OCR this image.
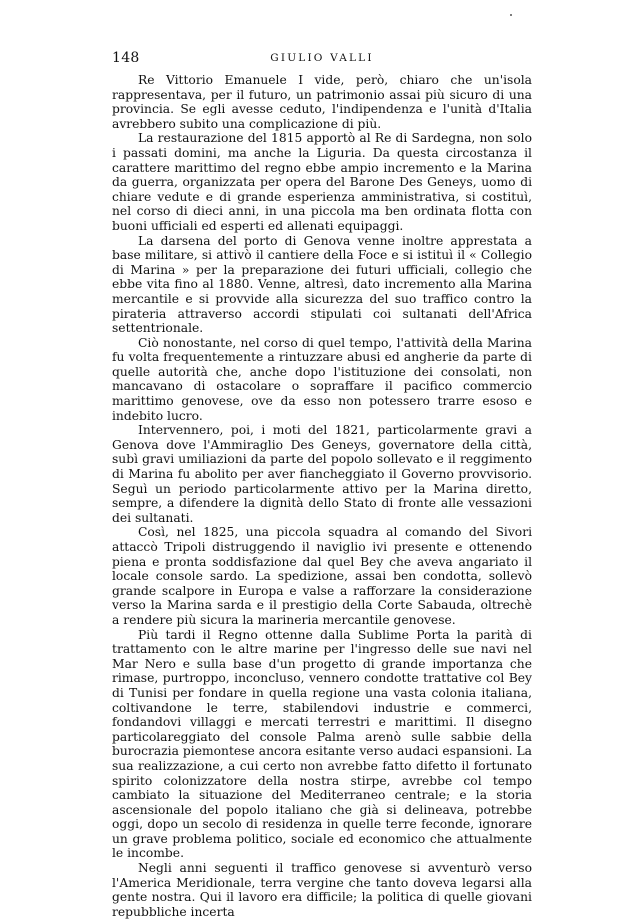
148	GIULIO VALLI

Re Vittorio Emanuele I vide, però, chiaro che un'isola rappresentava, per il futuro, un patrimonio assai più sicuro di una provincia. Se egli avesse ceduto, l'indipendenza e l'unità d'Italia avrebbero subito una complicazione di più.

La restaurazione del 1815 apportò al Re di Sardegna, non solo i passati domini, ma anche la Liguria. Da questa circostanza il carattere marittimo del regno ebbe ampio incremento e la Marina da guerra, organizzata per opera del Barone Des Geneys, uomo di chiare vedute e di grande esperienza amministrativa, si costituì, nel corso di dieci anni, in una piccola ma ben ordinata flotta con buoni ufficiali ed esperti ed allenati equipaggi.

La darsena del porto di Genova venne inoltre apprestata a base militare, si attivò il cantiere della Foce e si istituì il « Collegio di Marina » per la preparazione dei futuri ufficiali, collegio che ebbe vita fino al 1880. Venne, altresì, dato incremento alla Marina mercantile e si provvide alla sicurezza del suo traffico contro la pirateria attraverso accordi stipulati coi sultanati dell'Africa settentrionale.

Ciò nonostante, nel corso di quel tempo, l'attività della Marina fu volta frequentemente a rintuzzare abusi ed angherie da parte di quelle autorità che, anche dopo l'istituzione dei consolati, non mancavano di ostacolare o sopraffare il pacifico commercio marittimo genovese, ove da esso non potessero trarre esoso e indebito lucro.

Intervennero, poi, i moti del 1821, particolarmente gravi a Genova dove l'Ammiraglio Des Geneys, governatore della città, subì gravi umiliazioni da parte del popolo sollevato e il reggimento di Marina fu abolito per aver fiancheggiato il Governo provvisorio. Seguì un periodo particolarmente attivo per la Marina diretto, sempre, a difendere la dignità dello Stato di fronte alle vessazioni dei sultanati.

Così, nel 1825, una piccola squadra al comando del Sivori attaccò Tripoli distruggendo il naviglio ivi presente e ottenendo piena e pronta soddisfazione dal quel Bey che aveva angariato il locale console sardo. La spedizione, assai ben condotta, sollevò grande scalpore in Europa e valse a rafforzare la considerazione verso la Marina sarda e il prestigio della Corte Sabauda, oltrechè a rendere più sicura la marineria mercantile genovese.

Più tardi il Regno ottenne dalla Sublime Porta la parità di trattamento con le altre marine per l'ingresso delle sue navi nel Mar Nero e sulla base d'un progetto di grande importanza che rimase, purtroppo, inconcluso, vennero condotte trattative col Bey di Tunisi per fondare in quella regione una vasta colonia italiana, coltivandone le terre, stabilendovi industrie e commerci, fondandovi villaggi e mercati terrestri e marittimi. Il disegno particolareggiato del console Palma arenò sulle sabbie della burocrazia piemontese ancora esitante verso audaci espansioni. La sua realizzazione, a cui certo non avrebbe fatto difetto il fortunato spirito colonizzatore della nostra stirpe, avrebbe col tempo cambiato la situazione del Mediterraneo centrale; e la storia ascensionale del popolo italiano che già si delineava, potrebbe oggi, dopo un secolo di residenza in quelle terre feconde, ignorare un grave problema politico, sociale ed economico che attualmente le incombe.

Negli anni seguenti il traffico genovese si avventurò verso l'America Meridionale, terra vergine che tanto doveva legarsi alla gente nostra. Qui il lavoro era difficile; la politica di quelle giovani repubbliche incerta
